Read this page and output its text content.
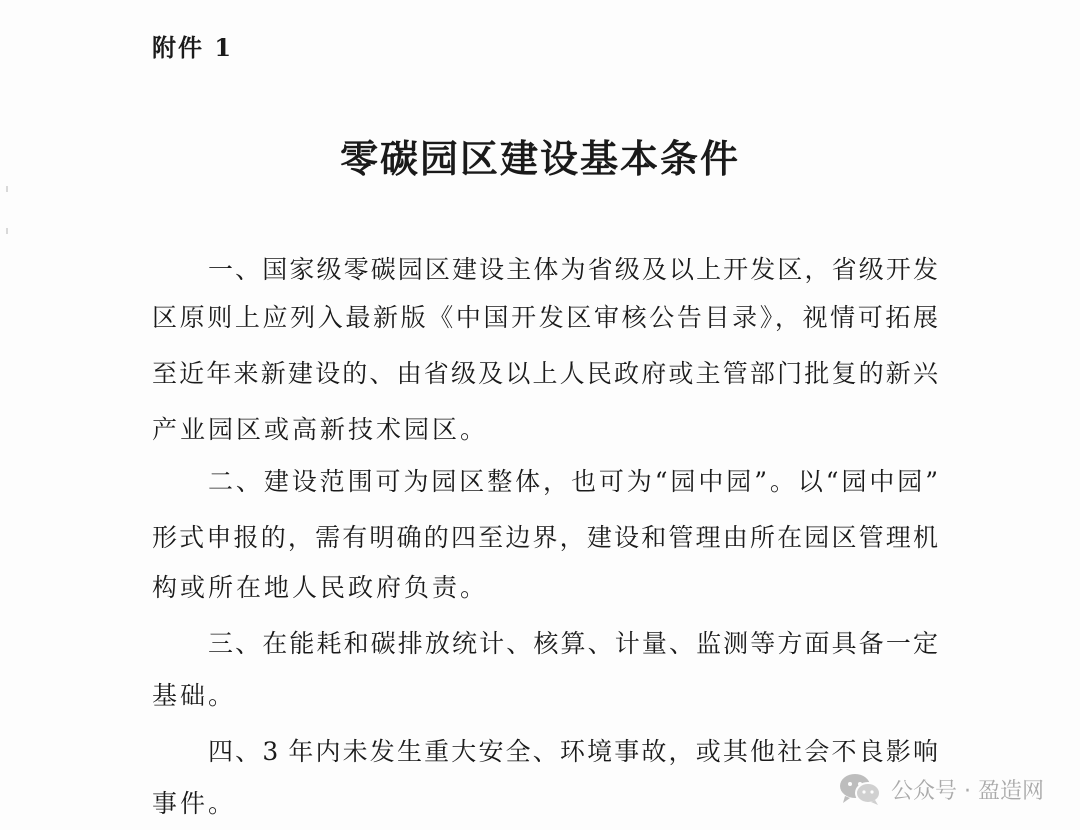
附件 1
零碳园区建设基本条件
一、国家级零碳园区建设主体为省级及以上开发区，省级开发
区原则上应列入最新版《中国开发区审核公告目录》，视情可拓展
至近年来新建设的、由省级及以上人民政府或主管部门批复的新兴
产业园区或高新技术园区。
二、建设范围可为园区整体，也可为“园中园”。以“园中园”
形式申报的，需有明确的四至边界，建设和管理由所在园区管理机
构或所在地人民政府负责。
三、在能耗和碳排放统计、核算、计量、监测等方面具备一定
基础。
四、3 年内未发生重大安全、环境事故，或其他社会不良影响
事件。	公众号 · 盈造网
